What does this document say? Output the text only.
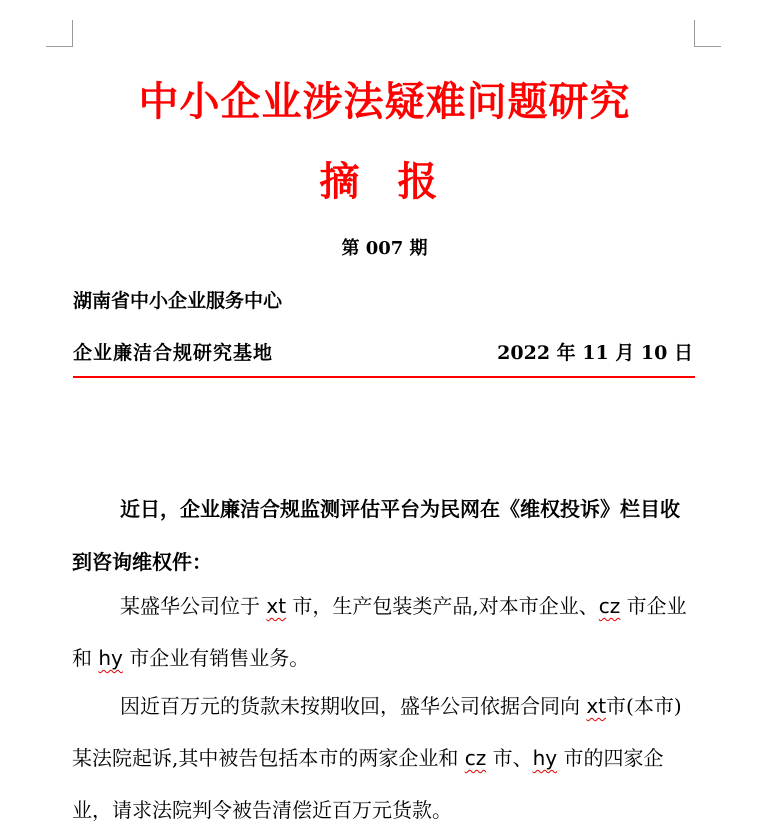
中小企业涉法疑难问题研究
摘 报
第 007 期
湖南省中小企业服务中心
企业廉洁合规研究基地	2022 年 11 月 10 日
近日，企业廉洁合规监测评估平台为民网在《维权投诉》栏目收到咨询维权件：
某盛华公司位于 xt 市，生产包装类产品,对本市企业、cz 市企业和 hy 市企业有销售业务。
因近百万元的货款未按期收回，盛华公司依据合同向 xt市(本市)某法院起诉,其中被告包括本市的两家企业和 cz 市、hy 市的四家企业，请求法院判令被告清偿近百万元货款。
